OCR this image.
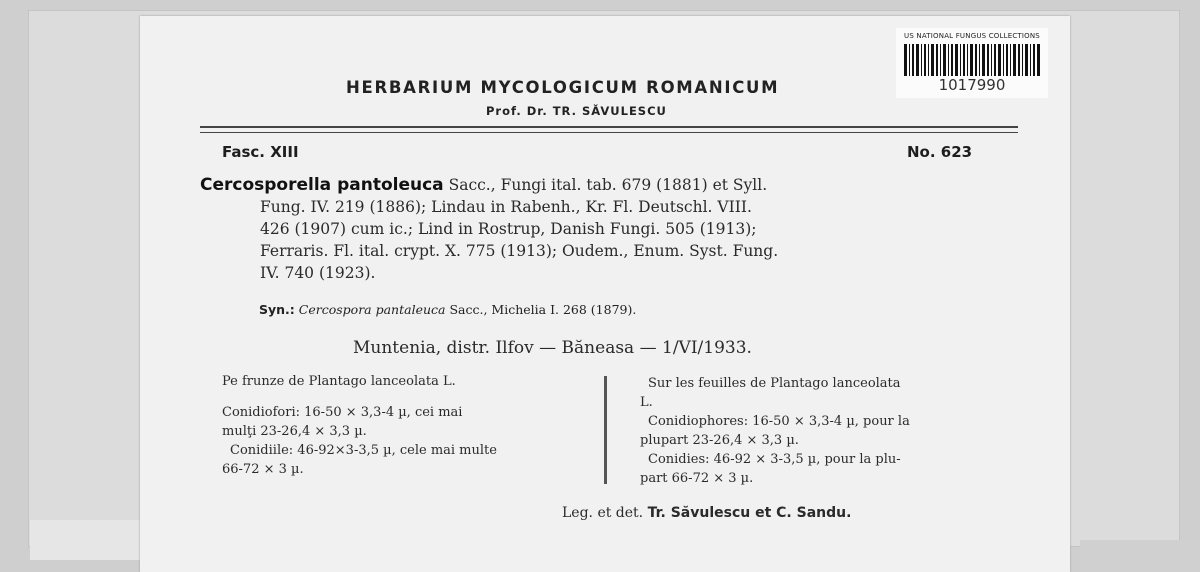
US NATIONAL FUNGUS COLLECTIONS
1017990
HERBARIUM MYCOLOGICUM ROMANICUM
Prof. Dr. TR. SĂVULESCU
Fasc. XIII	No. 623
Cercosporella pantoleuca Sacc., Fungi ital. tab. 679 (1881) et Syll.
Fung. IV. 219 (1886); Lindau in Rabenh., Kr. Fl. Deutschl. VIII.
426 (1907) cum ic.; Lind in Rostrup, Danish Fungi. 505 (1913);
Ferraris. Fl. ital. crypt. X. 775 (1913); Oudem., Enum. Syst. Fung.
IV. 740 (1923).
Syn.: Cercospora pantaleuca Sacc., Michelia I. 268 (1879).
Muntenia, distr. Ilfov — Băneasa — 1/VI/1933.
Pe frunze de Plantago lanceolata L.
Conidiofori: 16-50 × 3,3-4 µ, cei mai
mulţi 23-26,4 × 3,3 µ.
Conidiile: 46-92×3-3,5 µ, cele mai multe
66-72 × 3 µ.
Sur les feuilles de Plantago lanceolata
L.
Conidiophores: 16-50 × 3,3-4 µ, pour la
plupart 23-26,4 × 3,3 µ.
Conidies: 46-92 × 3-3,5 µ, pour la plu-
part 66-72 × 3 µ.
Leg. et det. Tr. Săvulescu et C. Sandu.
